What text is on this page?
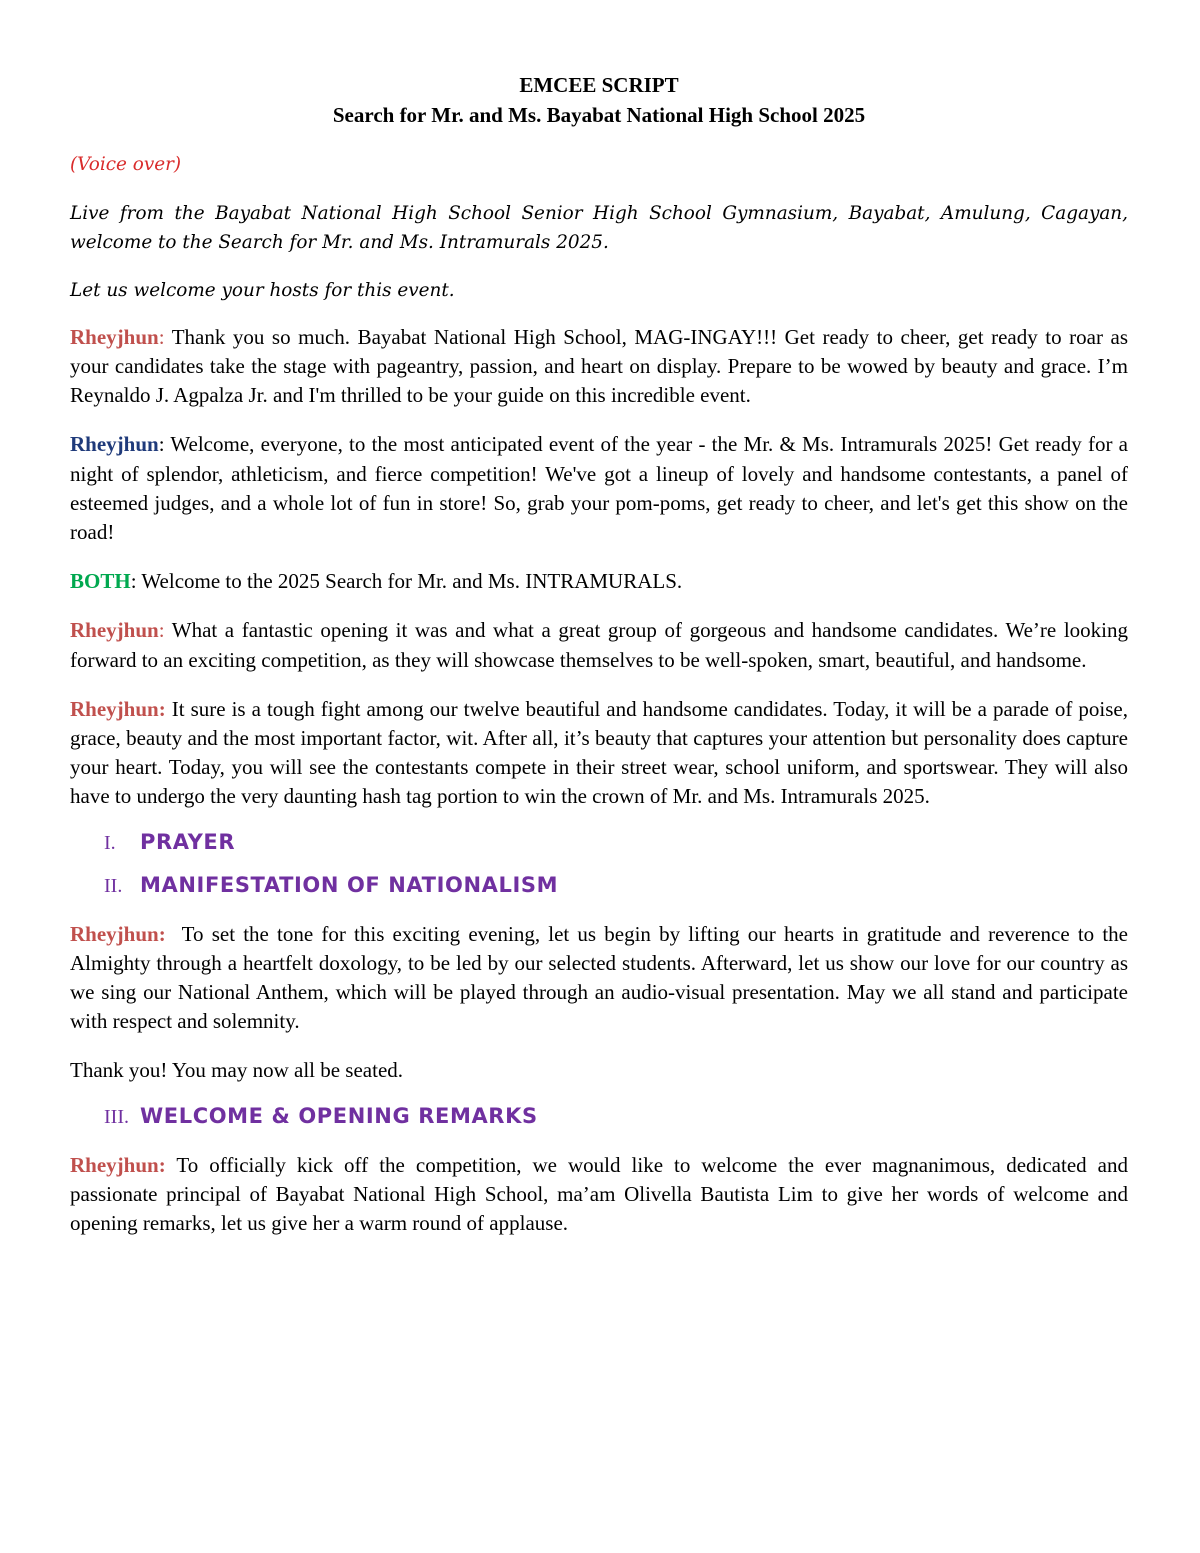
EMCEE SCRIPT
Search for Mr. and Ms. Bayabat National High School 2025

(Voice over)

Live from the Bayabat National High School Senior High School Gymnasium, Bayabat, Amulung, Cagayan, welcome to the Search for Mr. and Ms. Intramurals 2025.

Let us welcome your hosts for this event.

Rheyjhun: Thank you so much. Bayabat National High School, MAG-INGAY!!! Get ready to cheer, get ready to roar as your candidates take the stage with pageantry, passion, and heart on display. Prepare to be wowed by beauty and grace. I’m Reynaldo J. Agpalza Jr. and I'm thrilled to be your guide on this incredible event.

Rheyjhun: Welcome, everyone, to the most anticipated event of the year - the Mr. & Ms. Intramurals 2025! Get ready for a night of splendor, athleticism, and fierce competition! We've got a lineup of lovely and handsome contestants, a panel of esteemed judges, and a whole lot of fun in store! So, grab your pom-poms, get ready to cheer, and let's get this show on the road!

BOTH: Welcome to the 2025 Search for Mr. and Ms. INTRAMURALS.

Rheyjhun: What a fantastic opening it was and what a great group of gorgeous and handsome candidates. We’re looking forward to an exciting competition, as they will showcase themselves to be well-spoken, smart, beautiful, and handsome.

Rheyjhun: It sure is a tough fight among our twelve beautiful and handsome candidates. Today, it will be a parade of poise, grace, beauty and the most important factor, wit. After all, it’s beauty that captures your attention but personality does capture your heart. Today, you will see the contestants compete in their street wear, school uniform, and sportswear. They will also have to undergo the very daunting hash tag portion to win the crown of Mr. and Ms. Intramurals 2025.

I.	PRAYER
II. MANIFESTATION OF NATIONALISM

Rheyjhun: To set the tone for this exciting evening, let us begin by lifting our hearts in gratitude and reverence to the Almighty through a heartfelt doxology, to be led by our selected students. Afterward, let us show our love for our country as we sing our National Anthem, which will be played through an audio-visual presentation. May we all stand and participate with respect and solemnity.

Thank you! You may now all be seated.

III. WELCOME & OPENING REMARKS

Rheyjhun: To officially kick off the competition, we would like to welcome the ever magnanimous, dedicated and passionate principal of Bayabat National High School, ma’am Olivella Bautista Lim to give her words of welcome and opening remarks, let us give her a warm round of applause.
